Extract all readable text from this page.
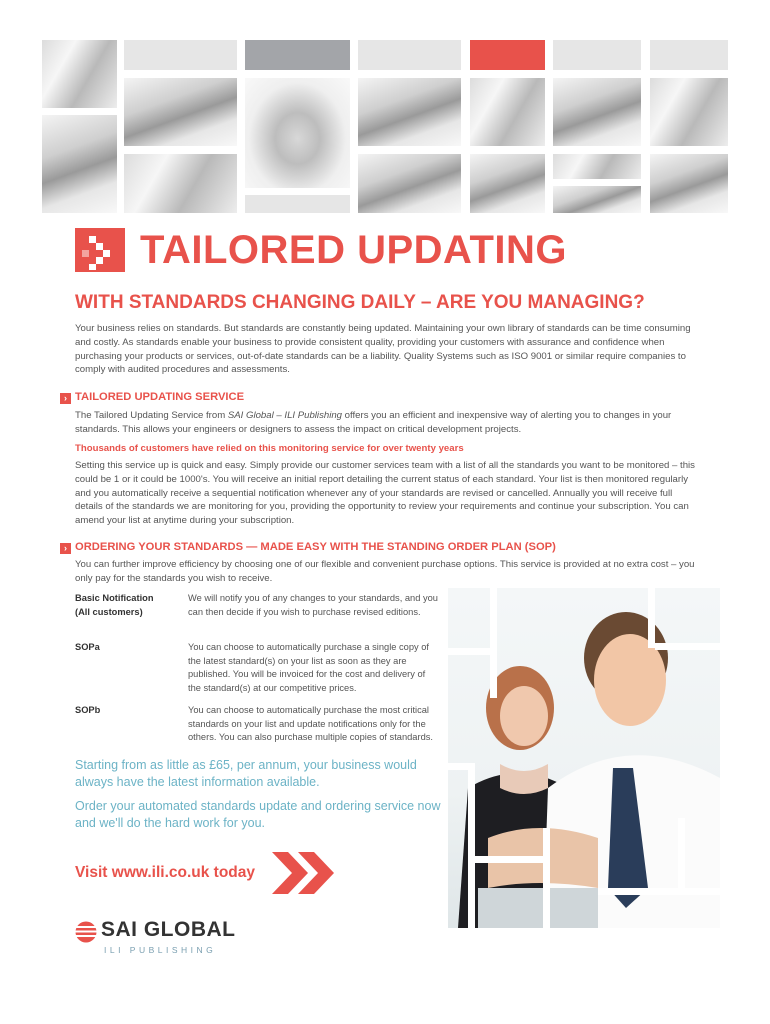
TAILORED UPDATING
WITH STANDARDS CHANGING DAILY – ARE YOU MANAGING?

Your business relies on standards. But standards are constantly being updated. Maintaining your own library of standards can be time consuming and costly. As standards enable your business to provide consistent quality, providing your customers with assurance and confidence when purchasing your products or services, out-of-date standards can be a liability. Quality Systems such as ISO 9001 or similar require companies to comply with audited procedures and assessments.

› TAILORED UPDATING SERVICE

The Tailored Updating Service from SAI Global – ILI Publishing offers you an efficient and inexpensive way of alerting you to changes in your standards. This allows your engineers or designers to assess the impact on critical development projects.

Thousands of customers have relied on this monitoring service for over twenty years

Setting this service up is quick and easy. Simply provide our customer services team with a list of all the standards you want to be monitored – this could be 1 or it could be 1000's. You will receive an initial report detailing the current status of each standard. Your list is then monitored regularly and you automatically receive a sequential notification whenever any of your standards are revised or cancelled. Annually you will receive full details of the standards we are monitoring for you, providing the opportunity to review your requirements and continue your subscription. You can amend your list at anytime during your subscription.

› ORDERING YOUR STANDARDS — MADE EASY WITH THE STANDING ORDER PLAN (SOP)

You can further improve efficiency by choosing one of our flexible and convenient purchase options. This service is provided at no extra cost – you only pay for the standards you wish to receive.

Basic Notification
(All customers)
We will notify you of any changes to your standards, and you can then decide if you wish to purchase revised editions.
SOPa	You can choose to automatically purchase a single copy of the latest standard(s) on your list as soon as they are published. You will be invoiced for the cost and delivery of the standard(s) at our competitive prices.
SOPb	You can choose to automatically purchase the most critical standards on your list and update notifications only for the others. You can also purchase multiple copies of standards.
Starting from as little as £65, per annum, your business would always have the latest information available.
Order your automated standards update and ordering service now and we'll do the hard work for you.
Visit www.ili.co.uk today
SAI GLOBAL
ILI PUBLISHING
